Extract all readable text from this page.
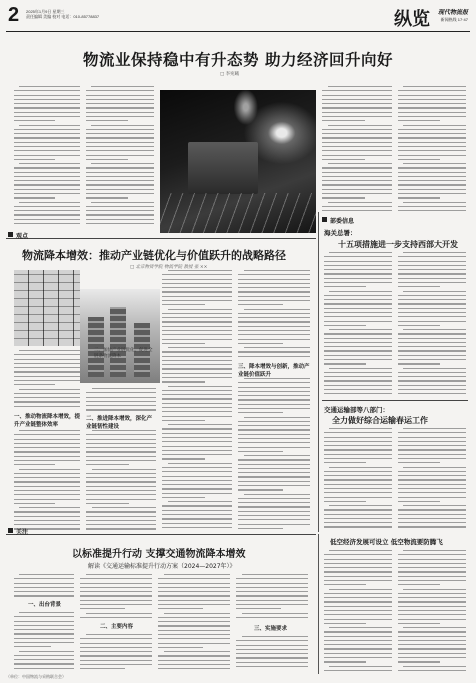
2 2025年1月9日 星期三
责任编辑 美编 校对 电话：010-85778837	纵览 现代物流报
新闻热线 17·47
物流业保持稳中有升态势 助力经济回升向好
□ 李宛曦
部委信息
观点
物流降本增效：推动产业链优化与价值跃升的战略路径
□ 北京物资学院 物流学院 教授 张 ××
二、加快产业链优化，促进全链条物流降本
一、推动物流降本增效，提升产业链整体效率
二、推进降本增效，深化产业链韧性建设
三、降本增效与创新，推动产业链价值跃升
海关总署：
十五项措施进一步支持西部大开发
交通运输部等八部门：
全力做好综合运输春运工作
关注
以标准提升行动 支撑交通物流降本增效
解读《交通运输标准提升行动方案（2024—2027年）》
一、出台背景
二、主要内容	三、实施要求
低空经济发展可设立 低空物流要防腾飞
（单位：中国物流与采购联合会）
